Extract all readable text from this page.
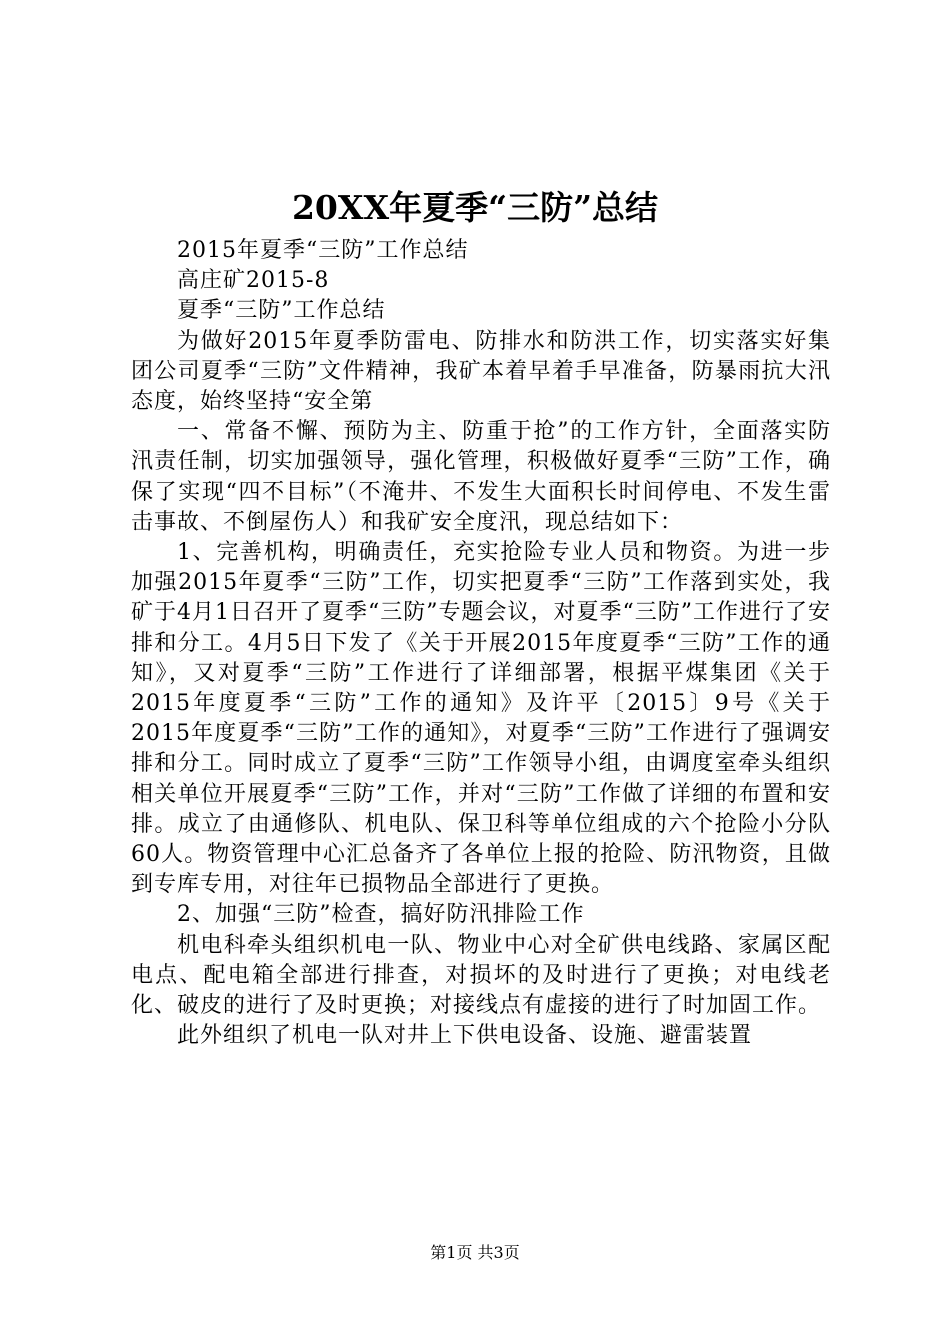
20XX年夏季“三防”总结

2015年夏季“三防”工作总结

高庄矿2015-8

夏季“三防”工作总结

为做好2015年夏季防雷电、防排水和防洪工作，切实落实好集团公司夏季“三防”文件精神，我矿本着早着手早准备，防暴雨抗大汛态度，始终坚持“安全第

一、常备不懈、预防为主、防重于抢”的工作方针，全面落实防汛责任制，切实加强领导，强化管理，积极做好夏季“三防”工作，确保了实现“四不目标”（不淹井、不发生大面积长时间停电、不发生雷击事故、不倒屋伤人）和我矿安全度汛，现总结如下：

1、完善机构，明确责任，充实抢险专业人员和物资。为进一步加强2015年夏季“三防”工作，切实把夏季“三防”工作落到实处，我矿于4月1日召开了夏季“三防”专题会议，对夏季“三防”工作进行了安排和分工。4月5日下发了《关于开展2015年度夏季“三防”工作的通知》，又对夏季“三防”工作进行了详细部署，根据平煤集团《关于2015年度夏季“三防”工作的通知》及许平〔2015〕9号《关于2015年度夏季“三防”工作的通知》，对夏季“三防”工作进行了强调安排和分工。同时成立了夏季“三防”工作领导小组，由调度室牵头组织相关单位开展夏季“三防”工作，并对“三防”工作做了详细的布置和安排。成立了由通修队、机电队、保卫科等单位组成的六个抢险小分队60人。物资管理中心汇总备齐了各单位上报的抢险、防汛物资，且做到专库专用，对往年已损物品全部进行了更换。

2、加强“三防”检查，搞好防汛排险工作

机电科牵头组织机电一队、物业中心对全矿供电线路、家属区配电点、配电箱全部进行排查，对损坏的及时进行了更换；对电线老化、破皮的进行了及时更换；对接线点有虚接的进行了时加固工作。

此外组织了机电一队对井上下供电设备、设施、避雷装置

第1页 共3页
